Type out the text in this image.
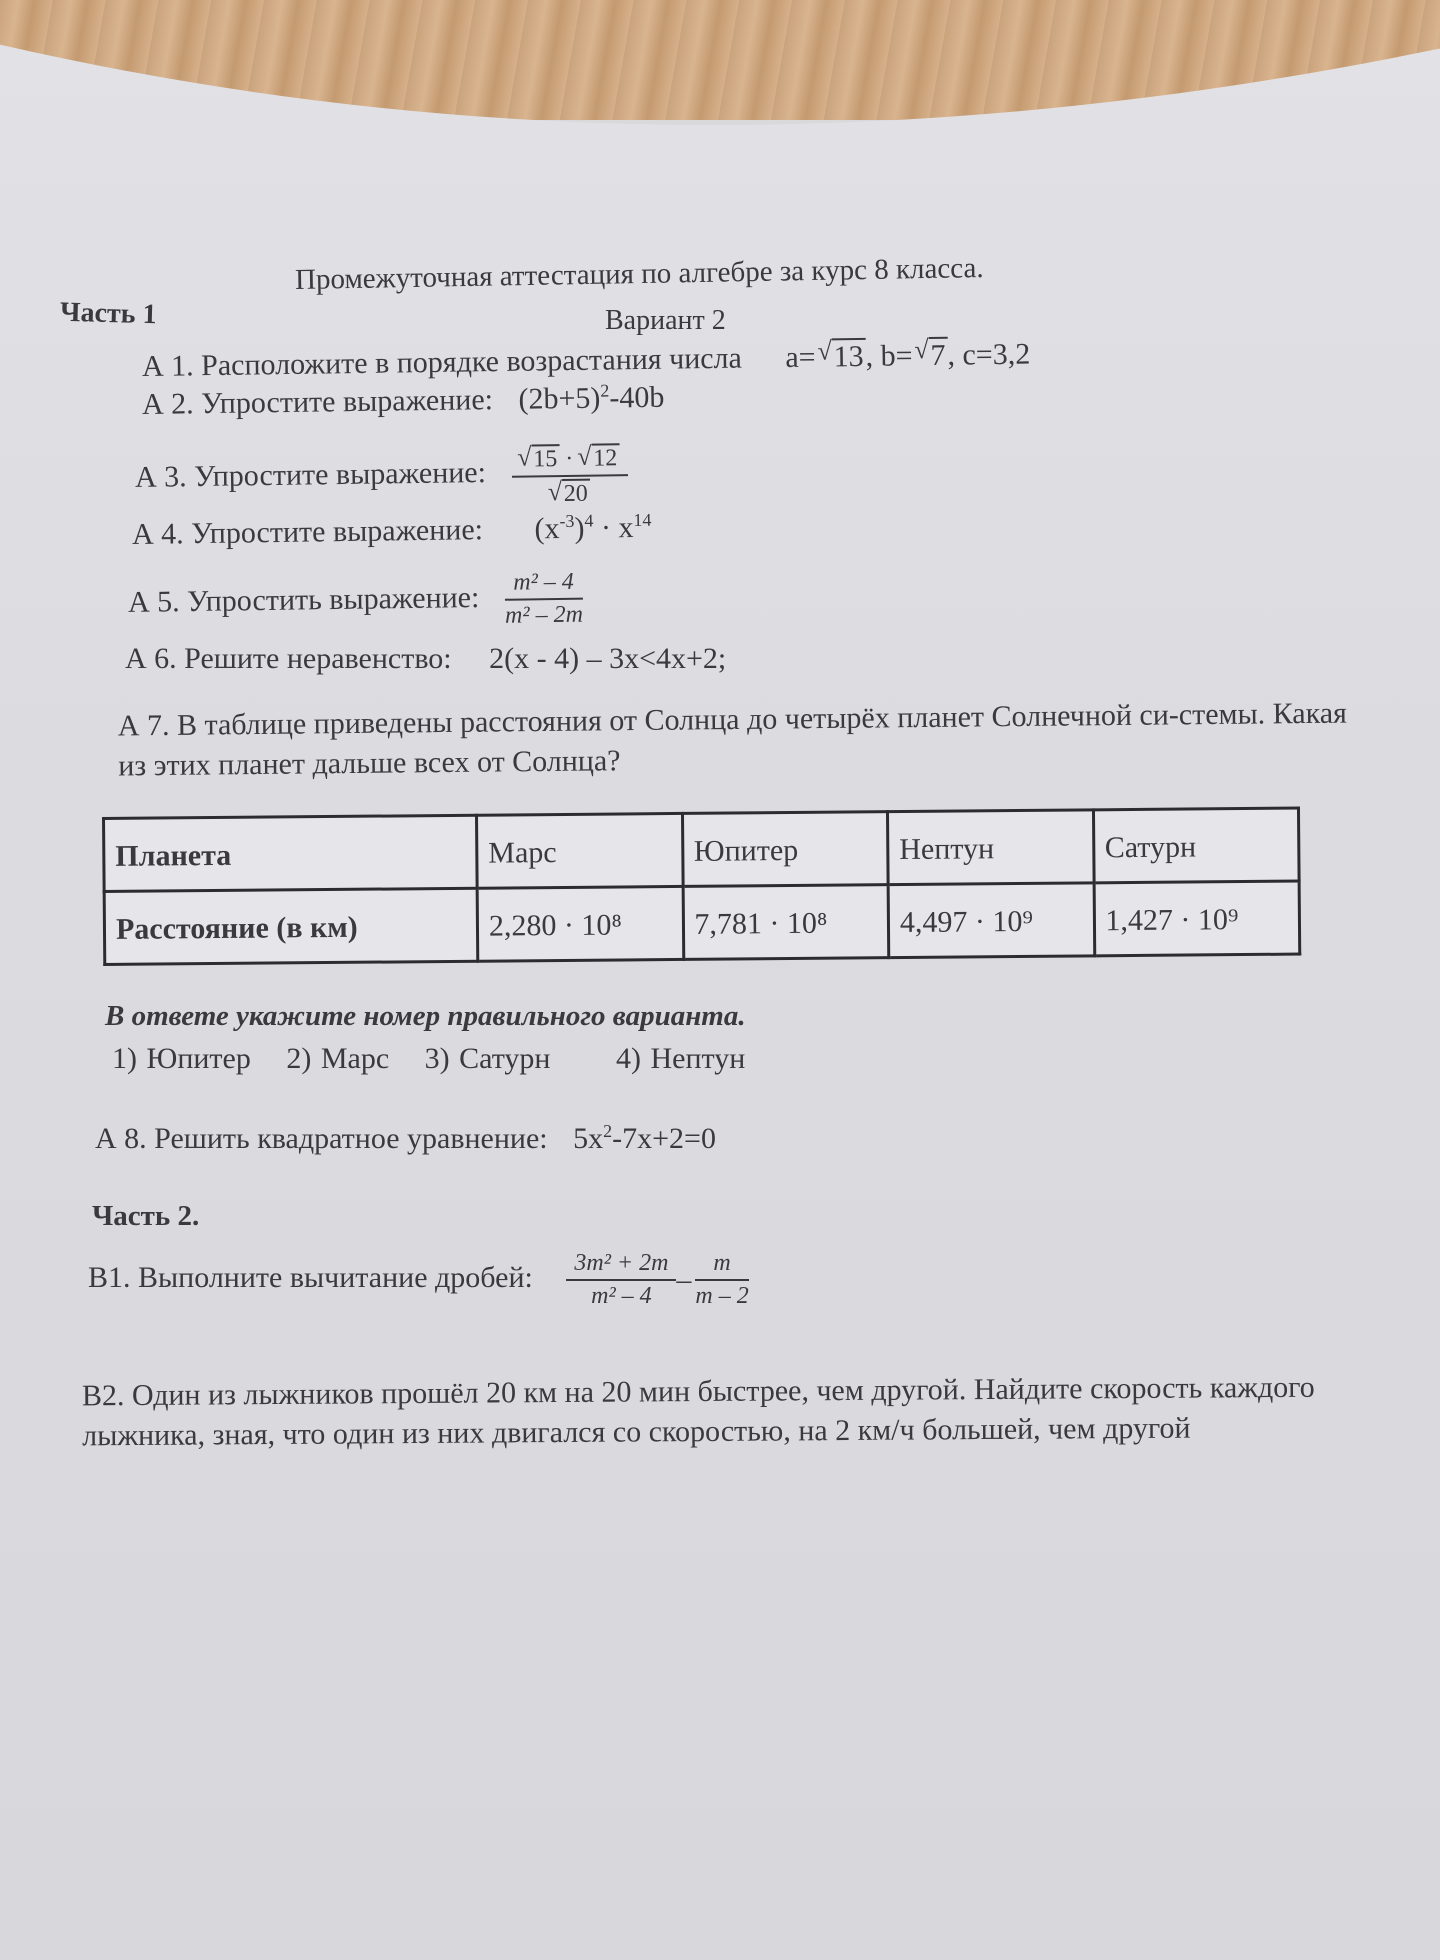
Промежуточная аттестация по алгебре за курс 8 класса.
Часть 1	Вариант 2
А 1. Расположите в порядке возрастания числа a= √ 13, b= √ 7, c=3,2
А 2. Упростите выражение: $(2b+5)^2-40b$
А 3. Упростите выражение: √ 15 · √ 12
√ 20
А 4. Упростите выражение: $(x^{-3})^4 \cdot x^{14}$
А 5. Упростить выражение: $\frac{\text{m² – 4}}{\text{m² – 2m}}$
А 6. Решите неравенство: 2(x - 4) – 3x<4x+2;
А 7. В таблице приведены расстояния от Солнца до четырёх планет Солнечной си-стемы. Какая из этих планет дальше всех от Солнца?
Планета	Марс	Юпитер	Нептун	Сатурн
Расстояние (в км)	2,280 · 10⁸	7,781 · 10⁸	4,497 · 10⁹	1,427 · 10⁹
В ответе укажите номер правильного варианта.
1) Юпитер 2) Марс 3) Сатурн 4) Нептун
А 8. Решить квадратное уравнение: $5x^2-7x+2=0$
Часть 2.
В1. Выполните вычитание дробей: $\frac{\text{3m² + 2m}}{\text{m² – 4}} - \frac{m}{m - 2}$
В2. Один из лыжников прошёл 20 км на 20 мин быстрее, чем другой. Найдите скорость каждого лыжника, зная, что один из них двигался со скоростью, на 2 км/ч большей, чем другой
